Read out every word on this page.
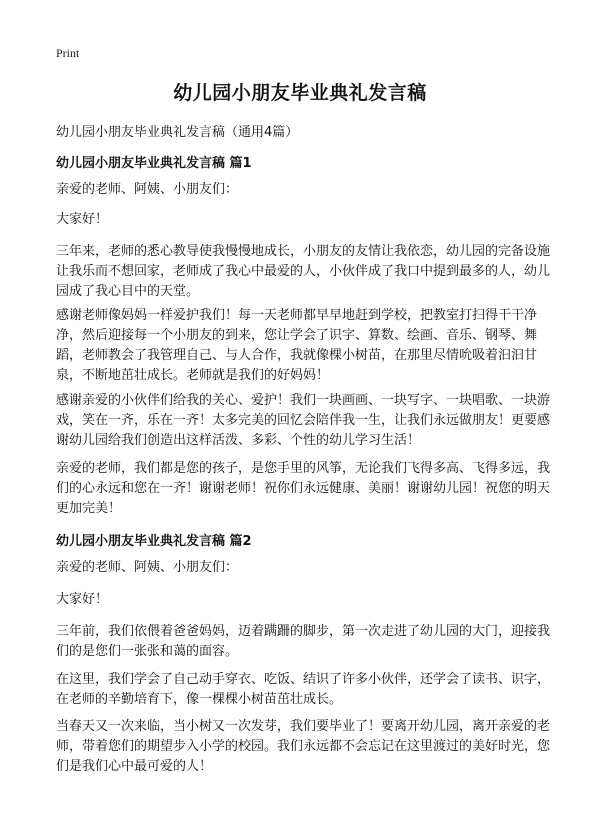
Print
幼儿园小朋友毕业典礼发言稿
幼儿园小朋友毕业典礼发言稿（通用4篇）
幼儿园小朋友毕业典礼发言稿 篇1

亲爱的老师、阿姨、小朋友们：

大家好！

三年来，老师的悉心教导使我慢慢地成长，小朋友的友情让我依恋，幼儿园的完备设施让我乐而不想回家，老师成了我心中最爱的人，小伙伴成了我口中提到最多的人，幼儿园成了我心目中的天堂。

感谢老师像妈妈一样爱护我们！每一天老师都早早地赶到学校，把教室打扫得干干净净，然后迎接每一个小朋友的到来，您让学会了识字、算数、绘画、音乐、钢琴、舞蹈，老师教会了我管理自己、与人合作，我就像棵小树苗，在那里尽情吮吸着汩汩甘泉，不断地茁壮成长。老师就是我们的好妈妈！

感谢亲爱的小伙伴们给我的关心、爱护！我们一块画画、一块写字、一块唱歌、一块游戏，笑在一齐，乐在一齐！太多完美的回忆会陪伴我一生，让我们永远做朋友！更要感谢幼儿园给我们创造出这样活泼、多彩、个性的幼儿学习生活！

亲爱的老师，我们都是您的孩子，是您手里的风筝，无论我们飞得多高、飞得多远，我们的心永远和您在一齐！谢谢老师！祝你们永远健康、美丽！谢谢幼儿园！祝您的明天更加完美！

幼儿园小朋友毕业典礼发言稿 篇2

亲爱的老师、阿姨、小朋友们：

大家好！

三年前，我们依偎着爸爸妈妈，迈着蹒跚的脚步，第一次走进了幼儿园的大门，迎接我们的是您们一张张和蔼的面容。

在这里，我们学会了自己动手穿衣、吃饭、结识了许多小伙伴，还学会了读书、识字，在老师的辛勤培育下，像一棵棵小树苗茁壮成长。

当春天又一次来临，当小树又一次发芽，我们要毕业了！要离开幼儿园，离开亲爱的老师，带着您们的期望步入小学的校园。我们永远都不会忘记在这里渡过的美好时光，您们是我们心中最可爱的人！
